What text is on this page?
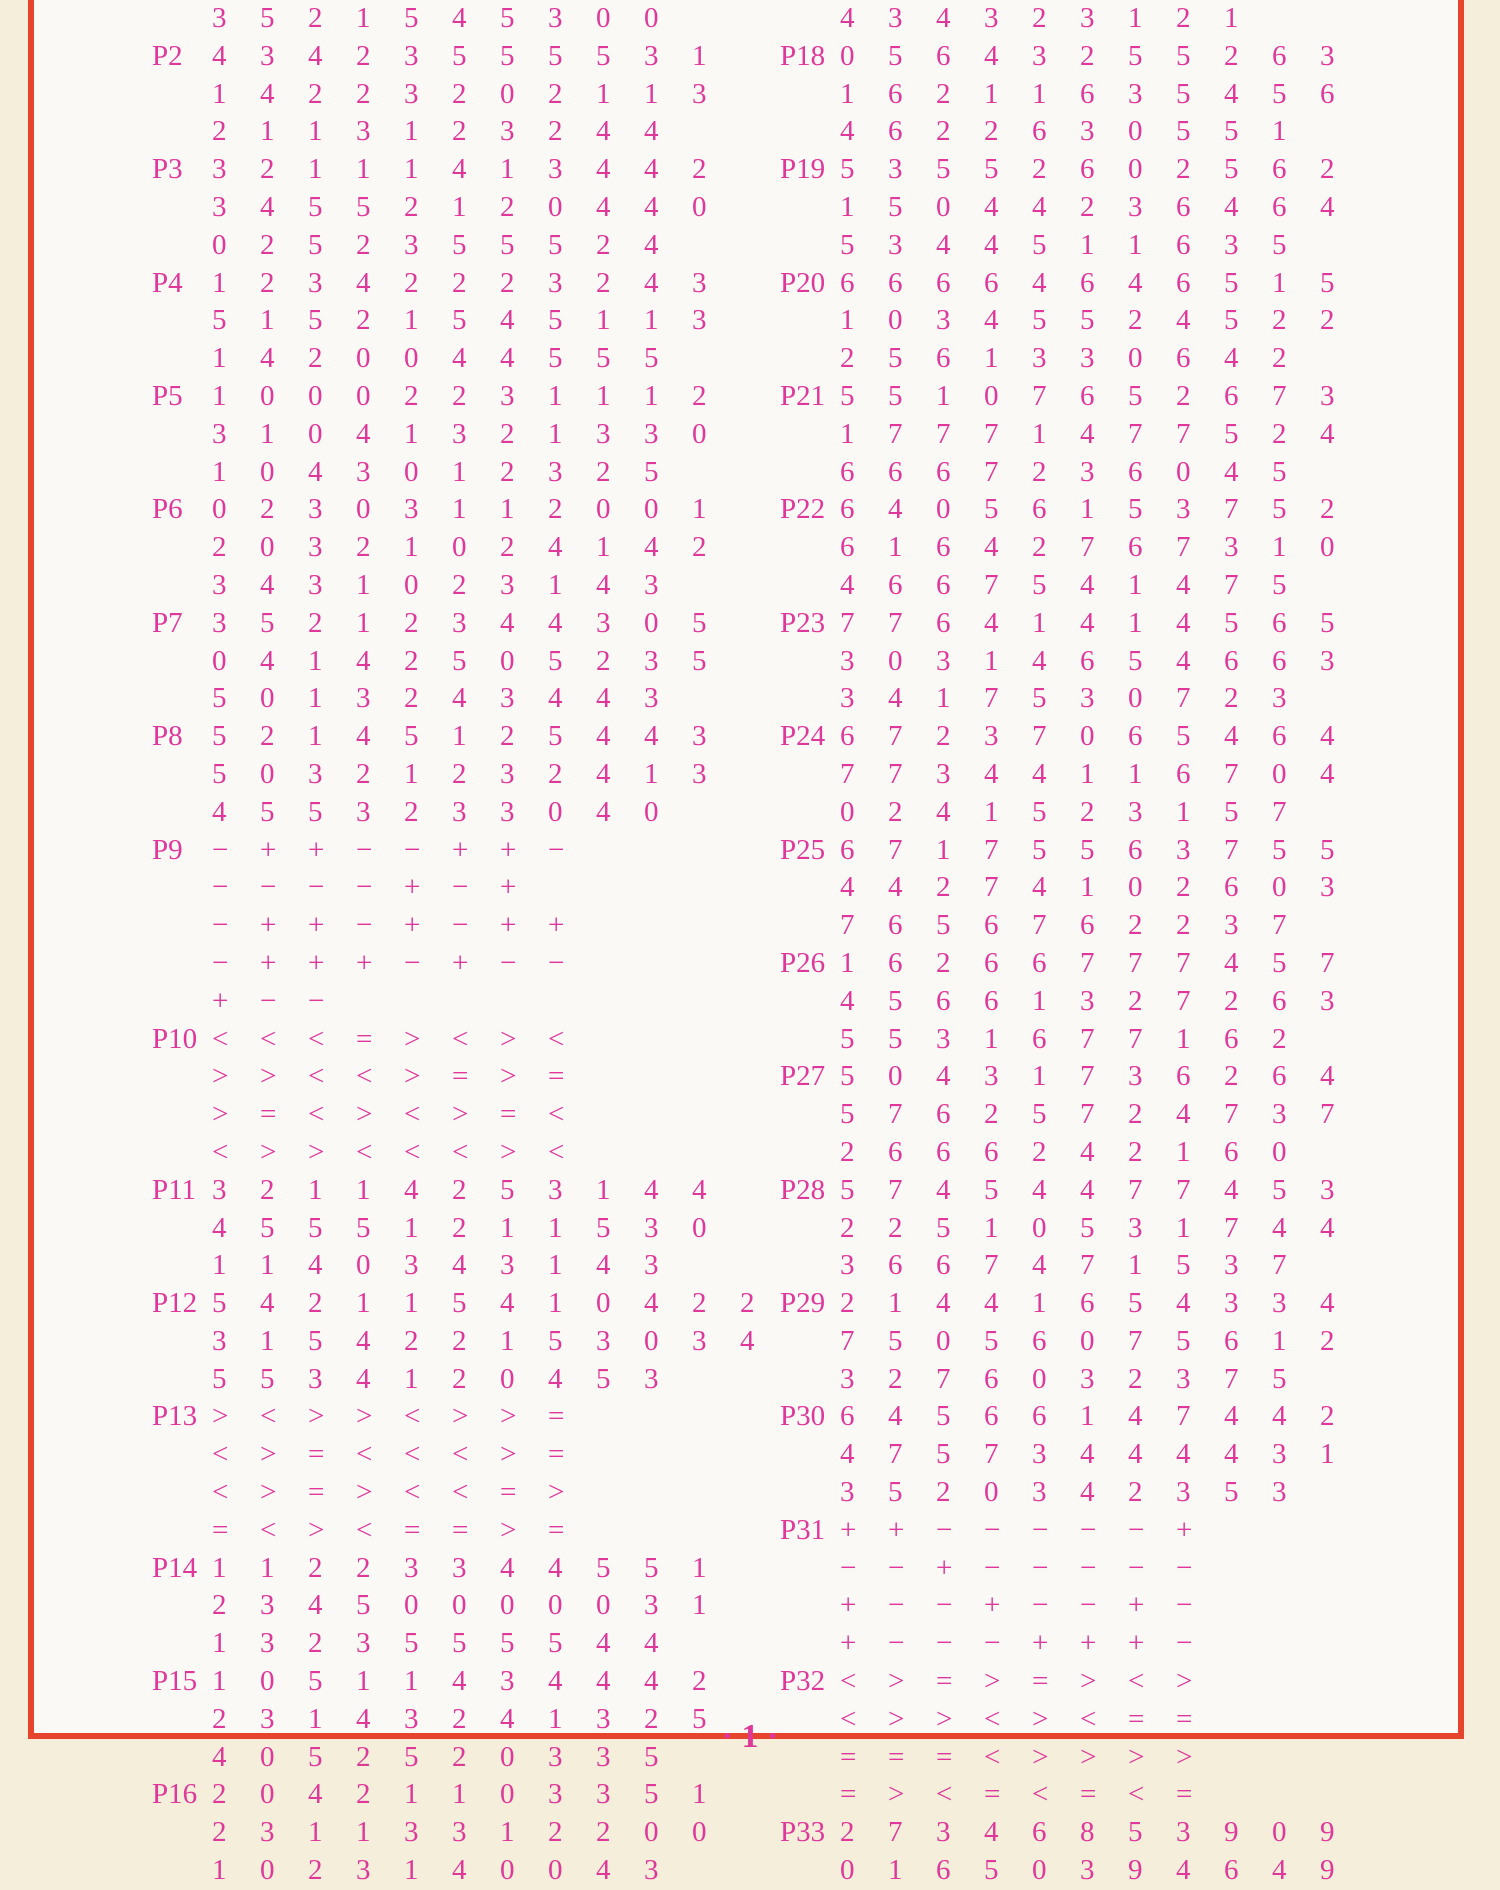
3 5 2 1 5 4 5 3 0 0
P2	4 3 4 2 3 5 5 5 5 3 1
1 4 2 2 3 2 0 2 1 1 3
2 1 1 3 1 2 3 2 4 4
P3	3 2 1 1 1 4 1 3 4 4 2
3 4 5 5 2 1 2 0 4 4 0
0 2 5 2 3 5 5 5 2 4
P4	1 2 3 4 2 2 2 3 2 4 3
5 1 5 2 1 5 4 5 1 1 3
1 4 2 0 0 4 4 5 5 5
P5	1 0 0 0 2 2 3 1 1 1 2
3 1 0 4 1 3 2 1 3 3 0
1 0 4 3 0 1 2 3 2 5
P6	0 2 3 0 3 1 1 2 0 0 1
2 0 3 2 1 0 2 4 1 4 2
3 4 3 1 0 2 3 1 4 3
P7	3 5 2 1 2 3 4 4 3 0 5
0 4 1 4 2 5 0 5 2 3 5
5 0 1 3 2 4 3 4 4 3
P8	5 2 1 4 5 1 2 5 4 4 3
5 0 3 2 1 2 3 2 4 1 3
4 5 5 3 2 3 3 0 4 0
P9	− + + − − + + −
− − − − + − +
− + + − + − + +
− + + + − + − −
+ − −
P10 < < < = > < > <
> > < < > = > =
> = < > < > = <
< > > < < < > <
P11 3 2 1 1 4 2 5 3 1 4 4
4 5 5 5 1 2 1 1 5 3 0
1 1 4 0 3 4 3 1 4 3
P12 5 4 2 1 1 5 4 1 0 4 2 2
3 1 5 4 2 2 1 5 3 0 3 4
5 5 3 4 1 2 0 4 5 3
P13 > < > > < > > =
< > = < < < > =
< > = > < < = >
= < > < = = > =
P14 1 1 2 2 3 3 4 4 5 5 1
2 3 4 5 0 0 0 0 0 3 1
1 3 2 3 5 5 5 5 4 4
P15 1 0 5 1 1 4 3 4 4 4 2
2 3 1 4 3 2 4 1 3 2 5
4 0 5 2 5 2 0 3 3 5
P16 2 0 4 2 1 1 0 3 3 5 1
2 3 1 1 3 3 1 2 2 0 0
1 0 2 3 1 4 0 0 4 3
4 3 4 3 2 3 1 2 1
P18 0 5 6 4 3 2 5 5 2 6 3
1 6 2 1 1 6 3 5 4 5 6
4 6 2 2 6 3 0 5 5 1
P19 5 3 5 5 2 6 0 2 5 6 2
1 5 0 4 4 2 3 6 4 6 4
5 3 4 4 5 1 1 6 3 5
P20 6 6 6 6 4 6 4 6 5 1 5
1 0 3 4 5 5 2 4 5 2 2
2 5 6 1 3 3 0 6 4 2
P21 5 5 1 0 7 6 5 2 6 7 3
1 7 7 7 1 4 7 7 5 2 4
6 6 6 7 2 3 6 0 4 5
P22 6 4 0 5 6 1 5 3 7 5 2
6 1 6 4 2 7 6 7 3 1 0
4 6 6 7 5 4 1 4 7 5
P23 7 7 6 4 1 4 1 4 5 6 5
3 0 3 1 4 6 5 4 6 6 3
3 4 1 7 5 3 0 7 2 3
P24 6 7 2 3 7 0 6 5 4 6 4
7 7 3 4 4 1 1 6 7 0 4
0 2 4 1 5 2 3 1 5 7
P25 6 7 1 7 5 5 6 3 7 5 5
4 4 2 7 4 1 0 2 6 0 3
7 6 5 6 7 6 2 2 3 7
P26 1 6 2 6 6 7 7 7 4 5 7
4 5 6 6 1 3 2 7 2 6 3
5 5 3 1 6 7 7 1 6 2
P27 5 0 4 3 1 7 3 6 2 6 4
5 7 6 2 5 7 2 4 7 3 7
2 6 6 6 2 4 2 1 6 0
P28 5 7 4 5 4 4 7 7 4 5 3
2 2 5 1 0 5 3 1 7 4 4
3 6 6 7 4 7 1 5 3 7
P29 2 1 4 4 1 6 5 4 3 3 4
7 5 0 5 6 0 7 5 6 1 2
3 2 7 6 0 3 2 3 7 5
P30 6 4 5 6 6 1 4 7 4 4 2
4 7 5 7 3 4 4 4 4 3 1
3 5 2 0 3 4 2 3 5 3
P31 + + − − − − − +
− − + − − − − −
+ − − + − − + −
+ − − − + + + −
P32 < > = > = > < >
< > > < > < = =
= = = < > > > >
= > < = < = < =
P33 2 7 3 4 6 8 5 3 9 0 9
0 1 6 5 0 3 9 4 6 4 9
· 1 ·
